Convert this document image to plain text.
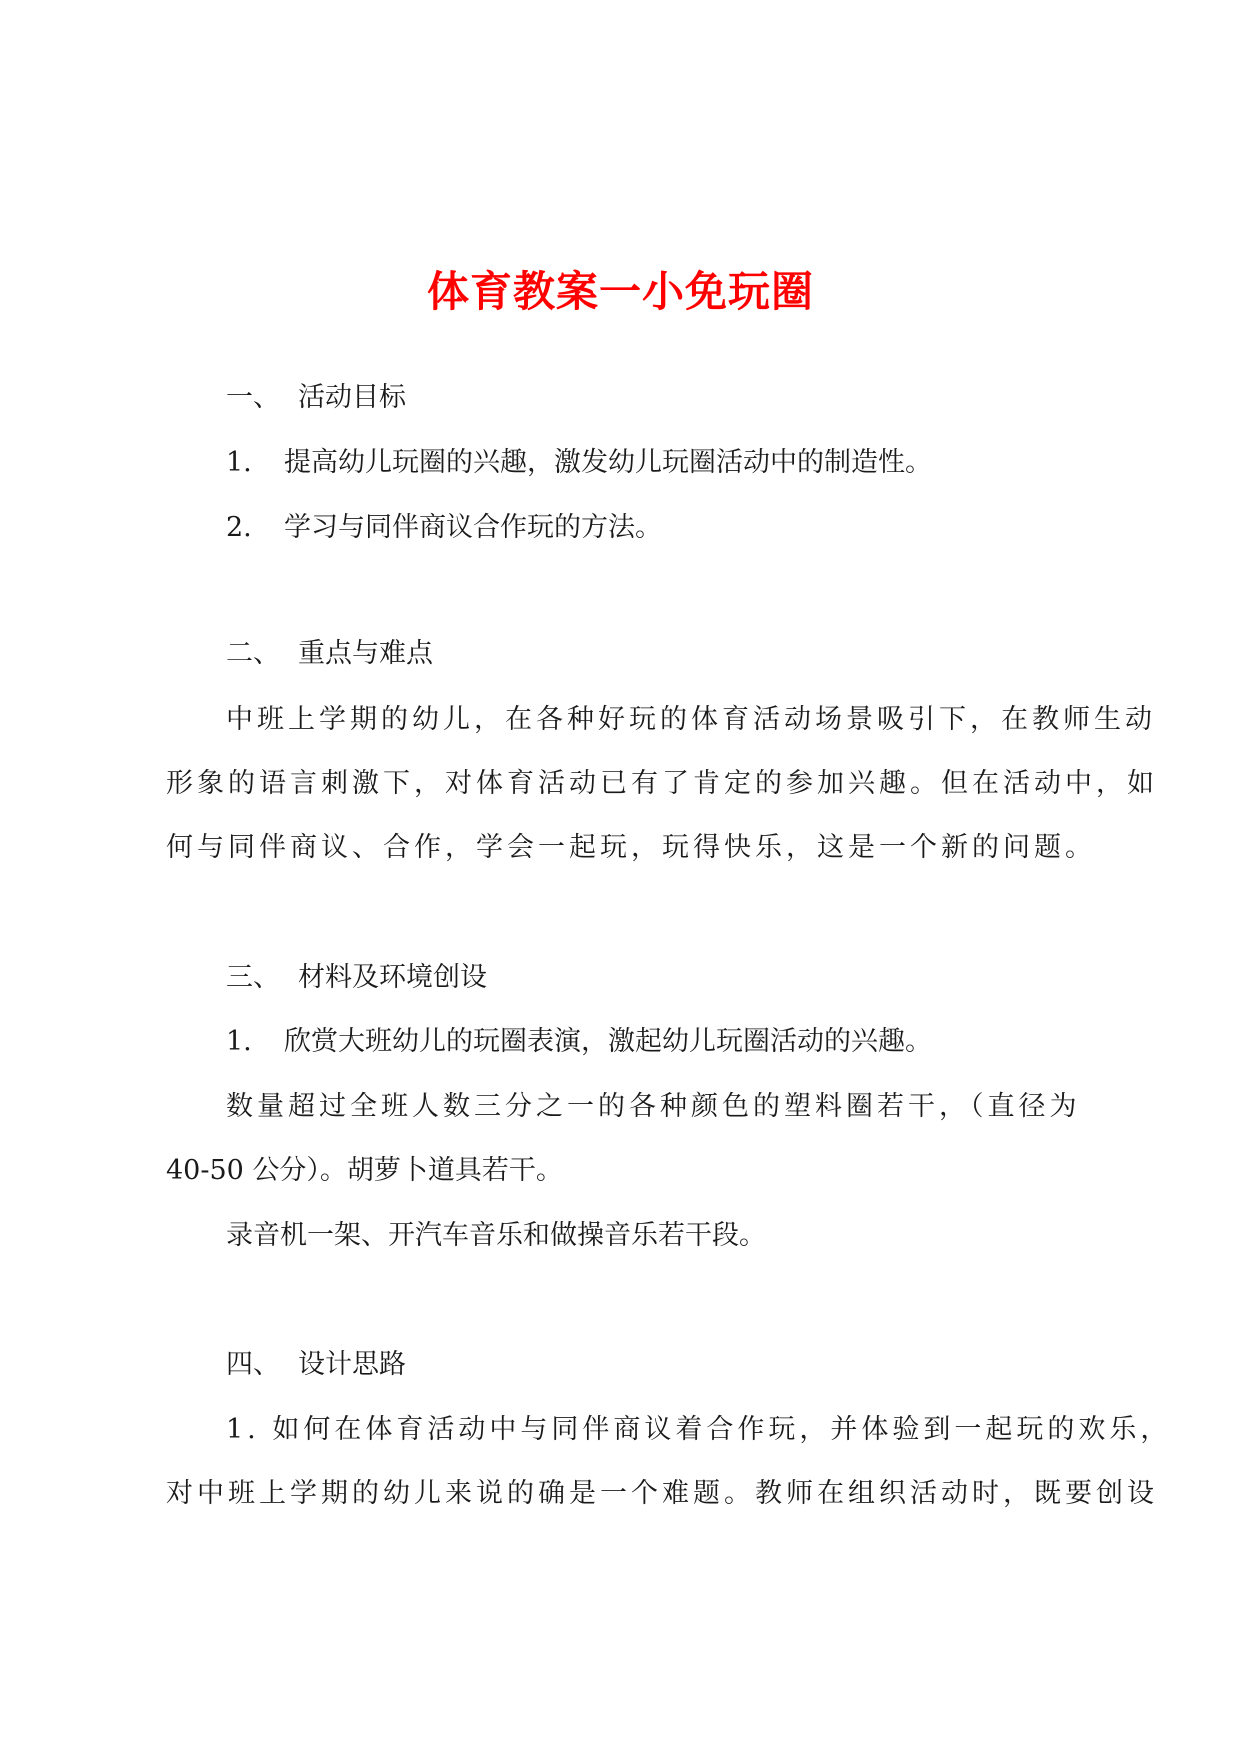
体育教案一小免玩圈
一、 活动目标
1. 提高幼儿玩圈的兴趣，激发幼儿玩圈活动中的制造性。
2. 学习与同伴商议合作玩的方法。
二、 重点与难点
中班上学期的幼儿，在各种好玩的体育活动场景吸引下，在教师生动
形象的语言刺激下，对体育活动已有了肯定的参加兴趣。但在活动中，如
何与同伴商议、合作，学会一起玩，玩得快乐，这是一个新的问题。
三、 材料及环境创设
1. 欣赏大班幼儿的玩圈表演，激起幼儿玩圈活动的兴趣。
数量超过全班人数三分之一的各种颜色的塑料圈若干，（直径为
40-50 公分）。胡萝卜道具若干。
录音机一架、开汽车音乐和做操音乐若干段。
四、 设计思路
1. 如何在体育活动中与同伴商议着合作玩，并体验到一起玩的欢乐，
对中班上学期的幼儿来说的确是一个难题。教师在组织活动时，既要创设
